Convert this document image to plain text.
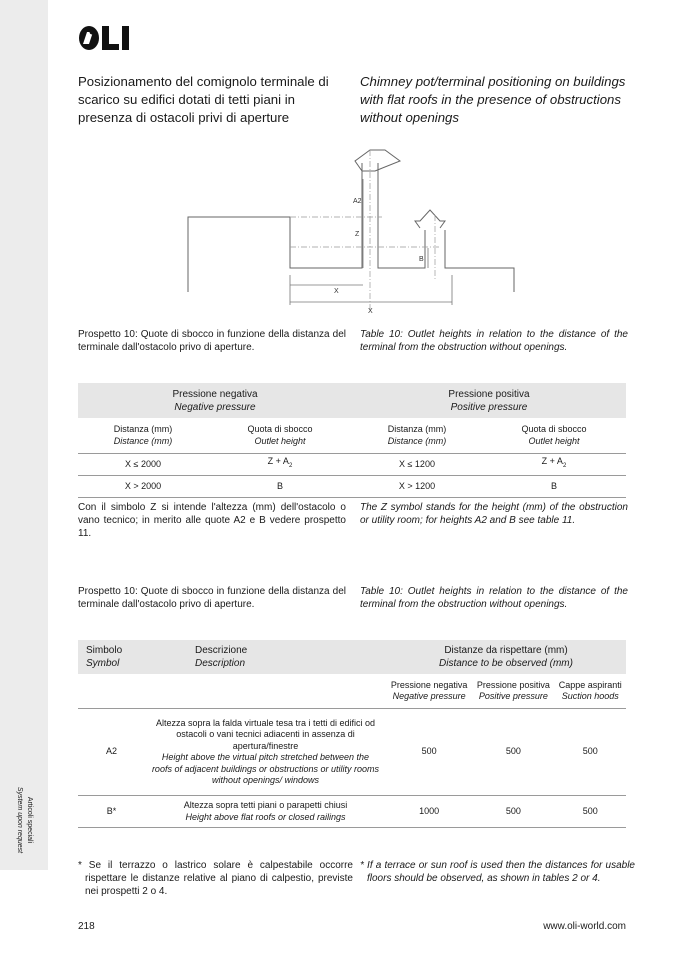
Articoli speciali
System upon request
Posizionamento del comignolo terminale di scarico su edifici dotati di tetti piani in presenza di ostacoli privi di aperture
Chimney pot/terminal positioning on buildings with flat roofs in the presence of obstructions without openings
A2
Z
B
X
X
Prospetto 10: Quote di sbocco in funzione della distanza del terminale dall'ostacolo privo di aperture.
Table 10: Outlet heights in relation to the distance of the terminal from the obstruction without openings.
Pressione negativa
Negative pressure		Pressione positiva
Positive pressure	

Distanza (mm)
Distance (mm)	Quota di sbocco
Outlet height	Distanza (mm)
Distance (mm)	Quota di sbocco
Outlet height

X ≤ 2000	$Z + A_2$	X ≤ 1200	$Z + A_2$
X > 2000	B	X > 1200	B
Con il simbolo Z si intende l'altezza (mm) dell'ostacolo o vano tecnico; in merito alle quote A2 e B vedere prospetto 11.
The Z symbol stands for the height (mm) of the obstruction or utility room; for heights A2 and B see table 11.
Prospetto 10: Quote di sbocco in funzione della distanza del terminale dall'ostacolo privo di aperture.
Table 10: Outlet heights in relation to the distance of the terminal from the obstruction without openings.
Simbolo
Symbol	Descrizione
Description	Distanze da rispettare (mm)
Distance to be observed (mm)		

		Pressione negativa
Negative pressure	Pressione positiva
Positive pressure	Cappe aspiranti
Suction hoods

A2	Altezza sopra la falda virtuale tesa tra i tetti di edifici od ostacoli o vani tecnici adiacenti in assenza di apertura/finestre
Height above the virtual pitch stretched between the roofs of adjacent buildings or obstructions or utility rooms without openings/ windows	500	500	500
B*	Altezza sopra tetti piani o parapetti chiusi
Height above flat roofs or closed railings	1000	500	500
* Se il terrazzo o lastrico solare è calpestabile occorre rispettare le distanze relative al piano di calpestio, previste nei prospetti 2 o 4.
* If a terrace or sun roof is used then the distances for usable floors should be observed, as shown in tables 2 or 4.
218	www.oli-world.com
